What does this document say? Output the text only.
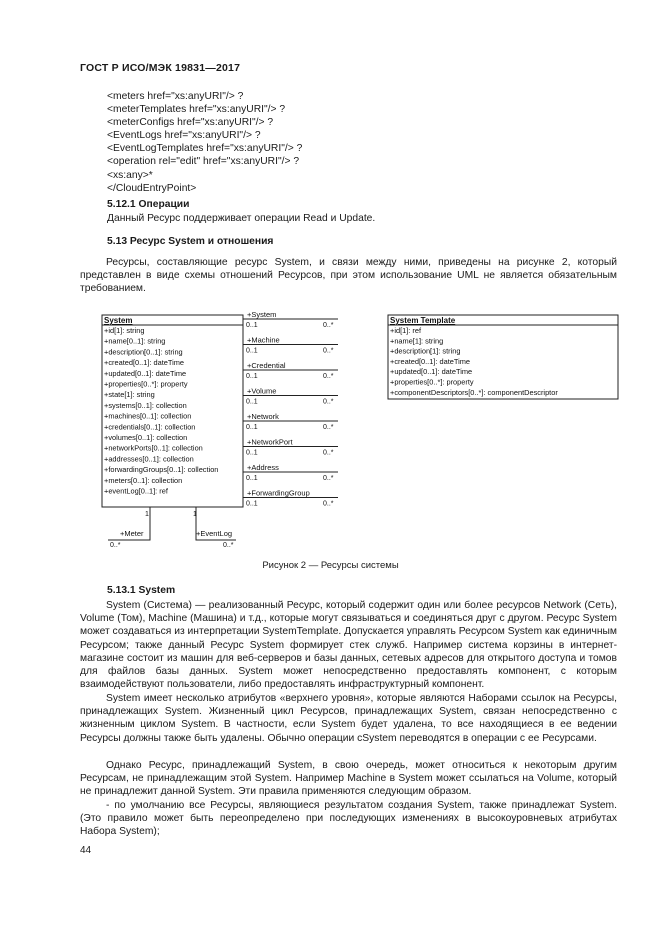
ГОСТ Р ИСО/МЭК 19831—2017
<meters href="xs:anyURI"/> ?
<meterTemplates href="xs:anyURI"/> ?
<meterConfigs href="xs:anyURI"/> ?
<EventLogs href="xs:anyURI"/> ?
<EventLogTemplates href="xs:anyURI"/> ?
<operation rel="edit" href="xs:anyURI"/> ?
<xs:any>*
</CloudEntryPoint>
5.12.1 Операции
Данный Ресурс поддерживает операции Read и Update.
5.13 Ресурс System и отношения
Ресурсы, составляющие ресурс System, и связи между ними, приведены на рисунке 2, который представлен в виде схемы отношений Ресурсов, при этом использование UML не является обязательным требованием.
System
+id[1]: string
+name[0..1]: string
+description[0..1]: string
+created[0..1]: dateTime
+updated[0..1]: dateTime
+properties[0..*]: property
+state[1]: string
+systems[0..1]: collection
+machines[0..1]: collection
+credentials[0..1]: collection
+volumes[0..1]: collection
+networkPorts[0..1]: collection
+addresses[0..1]: collection
+forwardingGroups[0..1]: collection
+meters[0..1]: collection
+eventLog[0..1]: ref
+System
0..1	0..*
+Machine
0..1	0..*
+Credential
0..1	0..*
+Volume
0..1	0..*
+Network
0..1	0..*
+NetworkPort
0..1	0..*
+Address
0..1	0..*
+ForwardingGroup
0..1	0..*
1	1
+Meter
0..*
+EventLog
0..*
System Template
+id[1]: ref
+name[1]: string
+description[1]: string
+created[0..1]: dateTime
+updated[0..1]: dateTime
+properties[0..*]: property
+componentDescriptors[0..*]: componentDescriptor
Рисунок 2 — Ресурсы системы
5.13.1 System
System (Система) — реализованный Ресурс, который содержит один или более ресурсов Network (Сеть), Volume (Том), Machine (Машина) и т.д., которые могут связываться и соединяться друг с другом. Ресурс System может создаваться из интерпретации SystemTemplate. Допускается управлять Ресурсом System как единичным Ресурсом; также данный Ресурс System формирует стек служб. Например система корзины в интернет-магазине состоит из машин для веб-серверов и базы данных, сетевых адресов для открытого доступа и томов для файлов базы данных. System может непосредственно предоставлять компонент, с которым взаимодействуют пользователи, либо предоставлять инфраструктурный компонент.
System имеет несколько атрибутов «верхнего уровня», которые являются Наборами ссылок на Ресурсы, принадлежащих System. Жизненный цикл Ресурсов, принадлежащих System, связан непосредственно с жизненным циклом System. В частности, если System будет удалена, то все находящиеся в ее ведении Ресурсы должны также быть удалены. Обычно операции cSystem переводятся в операции с ее Ресурсами.
Однако Ресурс, принадлежащий System, в свою очередь, может относиться к некоторым другим Ресурсам, не принадлежащим этой System. Например Machine в System может ссылаться на Volume, который не принадлежит данной System. Эти правила применяются следующим образом.
- по умолчанию все Ресурсы, являющиеся результатом создания System, также принадлежат System. (Это правило может быть переопределено при последующих изменениях в высокоуровневых атрибутах Набора System);
44
